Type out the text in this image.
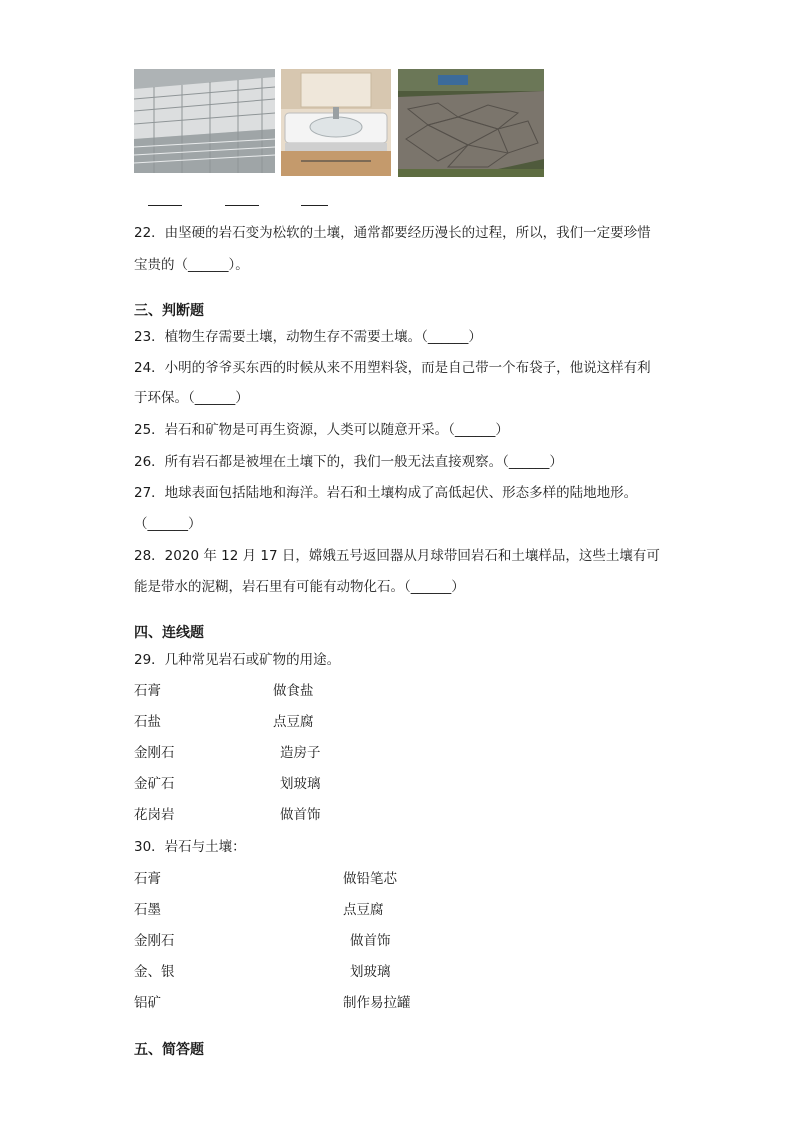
22．由坚硬的岩石变为松软的土壤，通常都要经历漫长的过程，所以，我们一定要珍惜
宝贵的（______）。
三、判断题
23．植物生存需要土壤，动物生存不需要土壤。（______）
24．小明的爷爷买东西的时候从来不用塑料袋，而是自己带一个布袋子，他说这样有利
于环保。（______）
25．岩石和矿物是可再生资源，人类可以随意开采。（______）
26．所有岩石都是被埋在土壤下的，我们一般无法直接观察。（______）
27．地球表面包括陆地和海洋。岩石和土壤构成了高低起伏、形态多样的陆地地形。
（______）
28．2020 年 12 月 17 日，嫦娥五号返回器从月球带回岩石和土壤样品，这些土壤有可
能是带水的泥糊，岩石里有可能有动物化石。（______）
四、连线题
29．几种常见岩石或矿物的用途。
石膏	做食盐
石盐	点豆腐
金刚石	造房子
金矿石	划玻璃
花岗岩	做首饰
30．岩石与土壤：
石膏	做铅笔芯
石墨	点豆腐
金刚石	做首饰
金、银	划玻璃
铝矿	制作易拉罐
五、简答题
